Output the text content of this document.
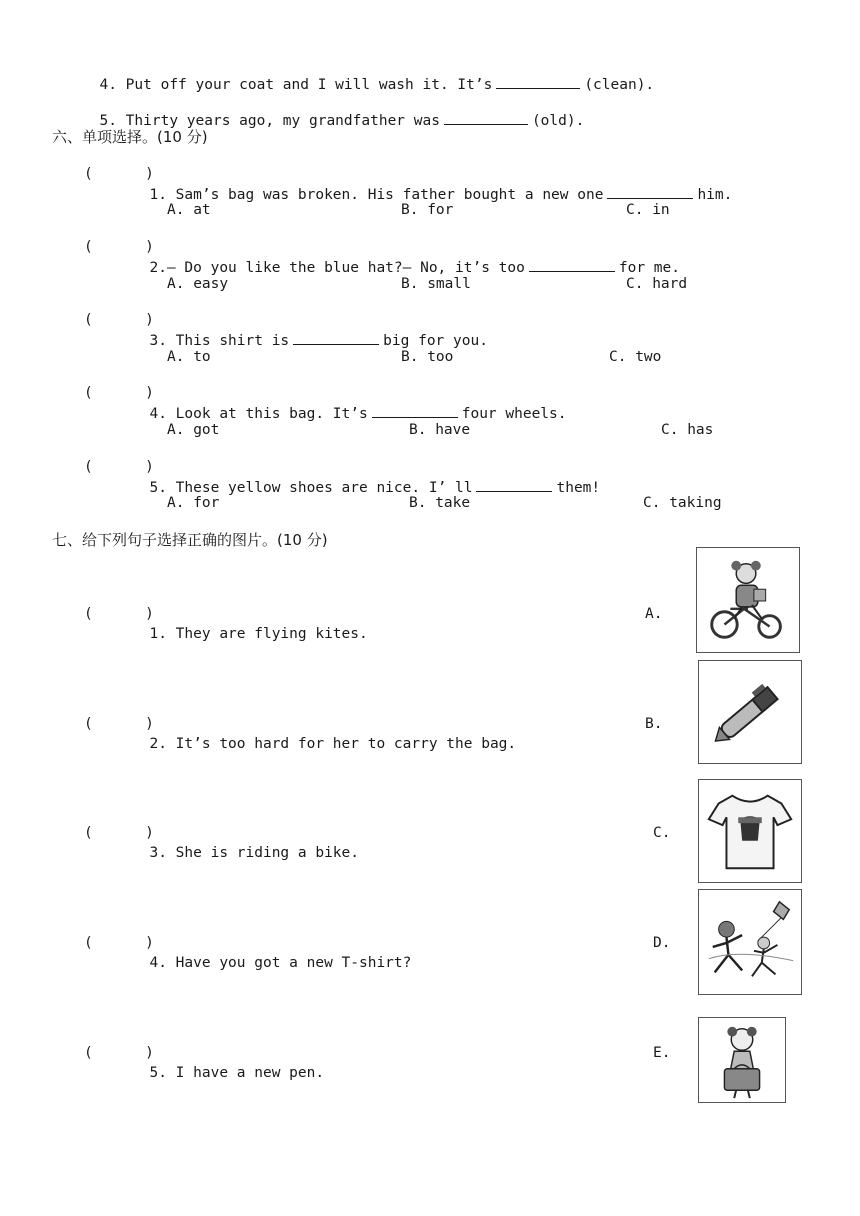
4. Put off your coat and I will wash it. It’s	(clean).

5. Thirty years ago, my grandfather was	(old).

六、单项选择。(10 分)
(      )

1. Sam’s bag was broken. His father bought a new one	him.

A. at	B. for	C. in
(      )

2.— Do you like the blue hat?— No, it’s too	for me.

A. easy	B. small	C. hard
(      )

3. This shirt is	big for you.

A. to	B. too	C. two
(      )

4. Look at this bag. It’s	four wheels.

A. got	B. have	C. has
(      )

5. These yellow shoes are nice. I’ ll	them!

A. for	B. take	C. taking
七、给下列句子选择正确的图片。(10 分)
(      )

1. They are flying kites.

A.
(      )

2. It’s too hard for her to carry the bag.

B.
(      )

3. She is riding a bike.

C.
(      )

4. Have you got a new T-shirt?

D.
(      )

5. I have a new pen.

E.
